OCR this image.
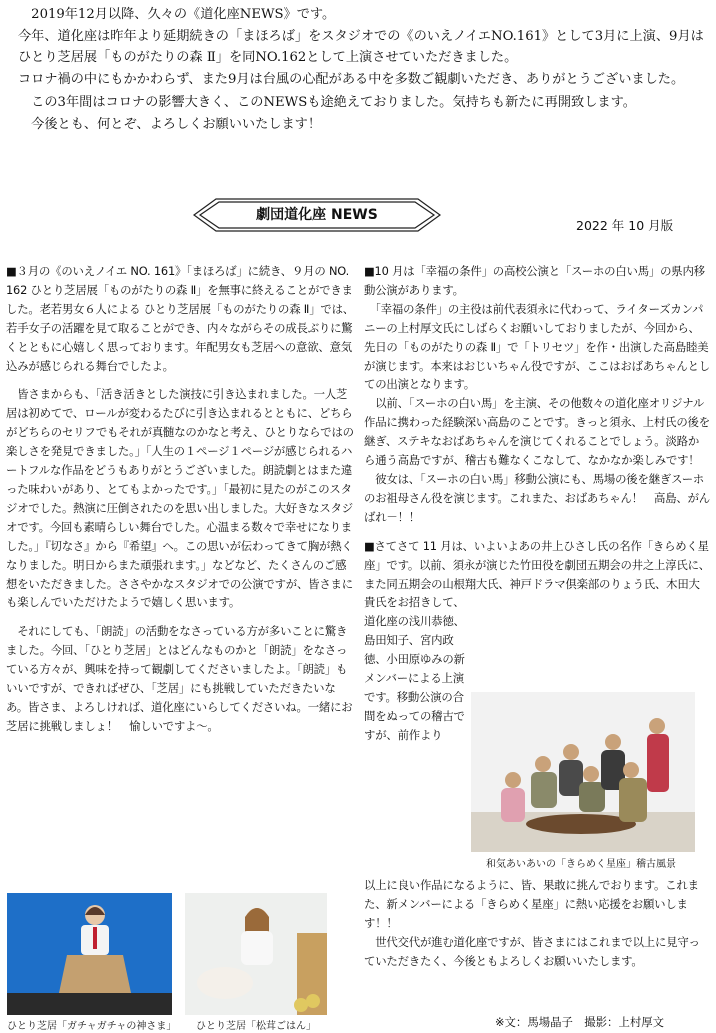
　2019年12月以降、久々の《道化座NEWS》です。

今年、道化座は昨年より延期続きの「まほろば」をスタジオでの《のいえノイエNO.161》として3月に上演、9月はひとり芝居展「ものがたりの森 Ⅱ」を同NO.162として上演させていただきました。

コロナ禍の中にもかかわらず、また9月は台風の心配がある中を多数ご観劇いただき、ありがとうございました。

　この3年間はコロナの影響大きく、このNEWSも途絶えておりました。気持ちも新たに再開致します。

　今後とも、何とぞ、よろしくお願いいたします！

劇団道化座 NEWS
2022 年 10 月版

■３月の《のいえノイエ NO. 161》「まほろば」に続き、９月の NO. 162 ひとり芝居展「ものがたりの森 Ⅱ」を無事に終えることができました。老若男女６人による ひとり芝居展「ものがたりの森 Ⅱ」では、若手女子の活躍を見て取ることができ、内々ながらその成長ぶりに驚くとともに心嬉しく思っております。年配男女も芝居への意欲、意気込みが感じられる舞台でしたよ。

　皆さまからも、「活き活きとした演技に引き込まれました。一人芝居は初めてで、ロールが変わるたびに引き込まれるとともに、どちらがどちらのセリフでもそれが真髄なのかなと考え、ひとりならではの楽しさを発見できました。」「人生の１ページ１ページが感じられるハートフルな作品をどうもありがとうございました。朗読劇とはまた違った味わいがあり、とてもよかったです。」「最初に見たのがこのスタジオでした。熱演に圧倒されたのを思い出しました。大好きなスタジオです。今回も素晴らしい舞台でした。心温まる数々で幸せになりました。」『切なさ』から『希望』へ。この思いが伝わってきて胸が熱くなりました。明日からまた頑張れます。」などなど、たくさんのご感想をいただきました。ささやかなスタジオでの公演ですが、皆さまにも楽しんでいただけたようで嬉しく思います。

　それにしても、「朗読」の活動をなさっている方が多いことに驚きました。今回、「ひとり芝居」とはどんなものかと「朗読」をなさっている方々が、興味を持って観劇してくださいましたよ。「朗読」もいいですが、できればぜひ、「芝居」にも挑戦していただきたいなあ。皆さま、よろしければ、道化座にいらしてくださいね。一緒にお芝居に挑戦しましょ！　愉しいですよ～。

■10 月は「幸福の条件」の高校公演と「スーホの白い馬」の県内移動公演があります。

　「幸福の条件」の主役は前代表須永に代わって、ライターズカンパニーの上村厚文氏にしばらくお願いしておりましたが、今回から、先日の「ものがたりの森 Ⅱ」で「トリセツ」を作・出演した高島睦美が演じます。本来はおじいちゃん役ですが、ここはおばあちゃんとしての出演となります。

　以前、「スーホの白い馬」を主演、その他数々の道化座オリジナル作品に携わった経験深い高島のことです。きっと須永、上村氏の後を継ぎ、ステキなおばあちゃんを演じてくれることでしょう。淡路から通う高島ですが、稽古も難なくこなして、なかなか楽しみです！

　彼女は、「スーホの白い馬」移動公演にも、馬場の後を継ぎスーホのお祖母さん役を演じます。これまた、おばあちゃん！　高島、がんばれ－！！

■さてさて 11 月は、いよいよあの井上ひさし氏の名作「きらめく星座」です。以前、須永が演じた竹田役を劇団五期会の井之上淳氏に、また同五期会の山根翔大氏、神戸ドラマ倶楽部のりょう氏、木田大貴氏をお招きして、

道化座の浅川恭徳、島田知子、宮内政徳、小田原ゆみの新メンバーによる上演です。移動公演の合間をぬっての稽古ですが、前作より

以上に良い作品になるように、皆、果敢に挑んでおります。これまた、新メンバーによる「きらめく星座」に熱い応援をお願いします！！

　世代交代が進む道化座ですが、皆さまにはこれまで以上に見守っていただきたく、今後ともよろしくお願いいたします。

和気あいあいの「きらめく星座」稽古風景
ひとり芝居「ガチャガチャの神さま」 ひとり芝居「松茸ごはん」	※文：馬場晶子　撮影：上村厚文
